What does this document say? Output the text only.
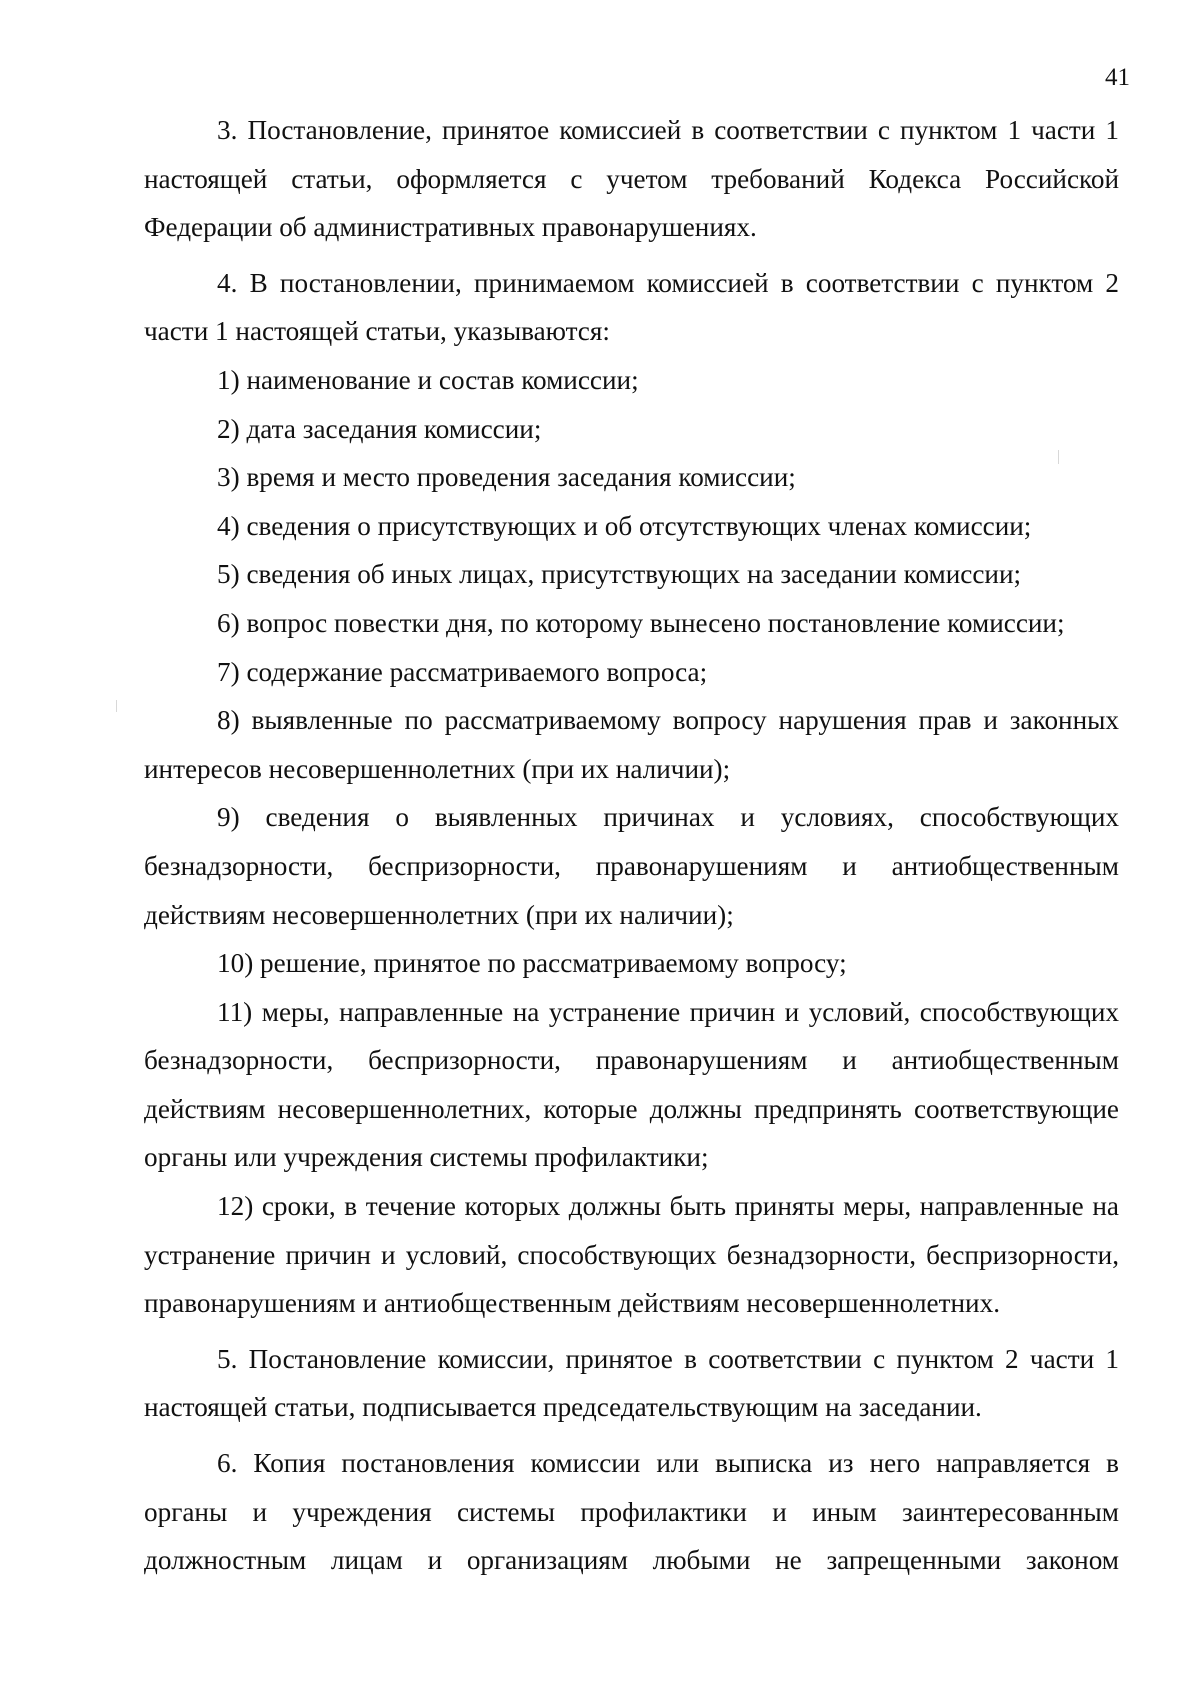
41

3. Постановление, принятое комиссией в соответствии с пунктом 1 части 1 настоящей статьи, оформляется с учетом требований Кодекса Российской Федерации об административных правонарушениях.

4. В постановлении, принимаемом комиссией в соответствии с пунктом 2 части 1 настоящей статьи, указываются:

1) наименование и состав комиссии;

2) дата заседания комиссии;

3) время и место проведения заседания комиссии;

4) сведения о присутствующих и об отсутствующих членах комиссии;

5) сведения об иных лицах, присутствующих на заседании комиссии;

6) вопрос повестки дня, по которому вынесено постановление комиссии;

7) содержание рассматриваемого вопроса;

8) выявленные по рассматриваемому вопросу нарушения прав и законных интересов несовершеннолетних (при их наличии);

9) сведения о выявленных причинах и условиях, способствующих безнадзорности, беспризорности, правонарушениям и антиобщественным действиям несовершеннолетних (при их наличии);

10) решение, принятое по рассматриваемому вопросу;

11) меры, направленные на устранение причин и условий, способствующих безнадзорности, беспризорности, правонарушениям и антиобщественным действиям несовершеннолетних, которые должны предпринять соответствующие органы или учреждения системы профилактики;

12) сроки, в течение которых должны быть приняты меры, направленные на устранение причин и условий, способствующих безнадзорности, беспризорности, правонарушениям и антиобщественным действиям несовершеннолетних.

5. Постановление комиссии, принятое в соответствии с пунктом 2 части 1 настоящей статьи, подписывается председательствующим на заседании.

6. Копия постановления комиссии или выписка из него направляется в органы и учреждения системы профилактики и иным заинтересованным должностным лицам и организациям любыми не запрещенными законом
